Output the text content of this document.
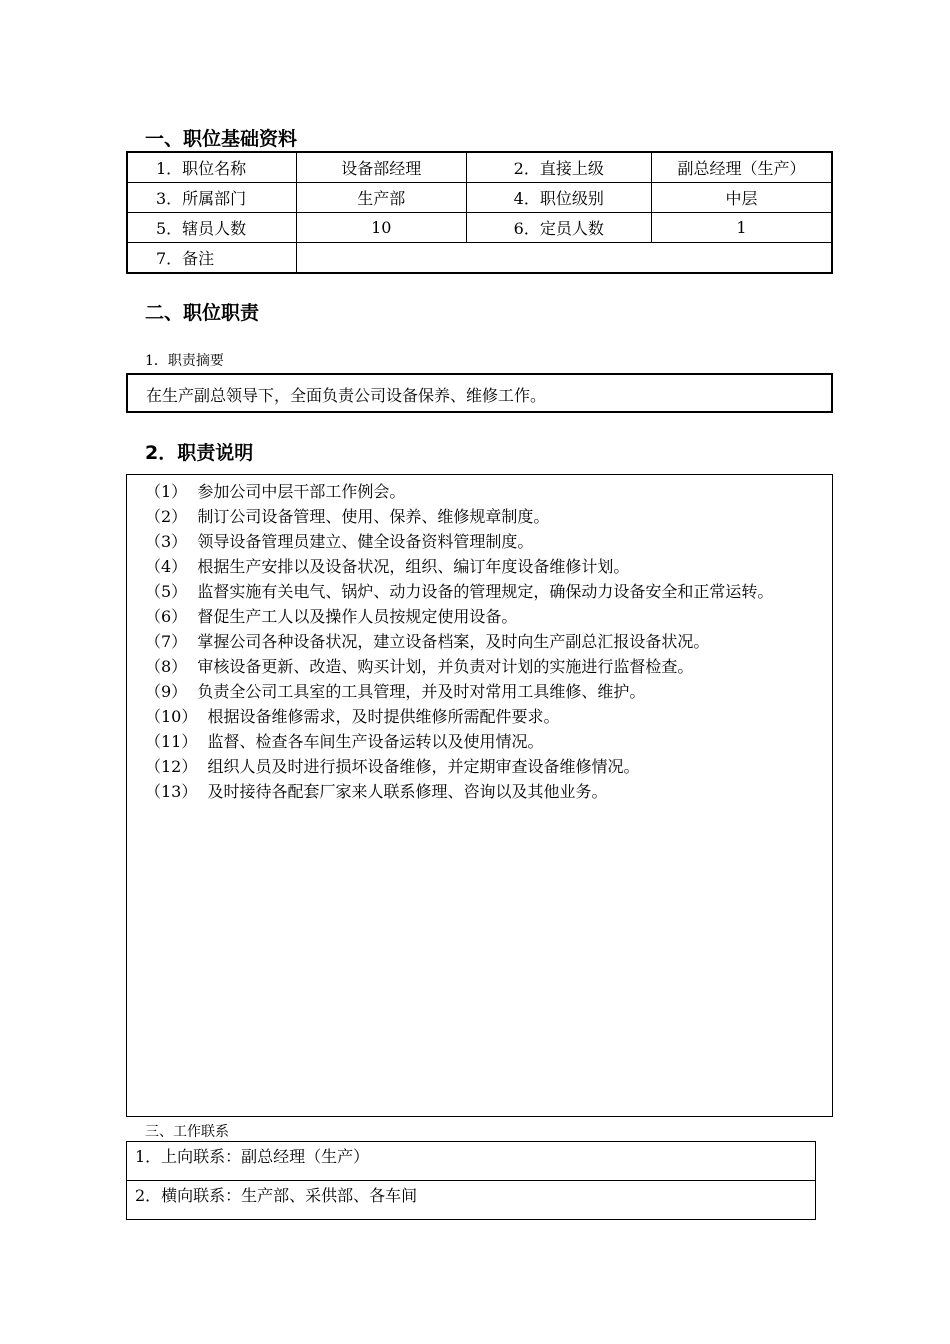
一、职位基础资料
1．职位名称	设备部经理	2．直接上级	副总经理（生产）
3．所属部门	生产部	4．职位级别	中层
5．辖员人数	10	6．定员人数	1
7．备注			
二、职位职责
1．职责摘要
在生产副总领导下，全面负责公司设备保养、维修工作。
2．职责说明
（1） 参加公司中层干部工作例会。
（2） 制订公司设备管理、使用、保养、维修规章制度。
（3） 领导设备管理员建立、健全设备资料管理制度。
（4） 根据生产安排以及设备状况，组织、编订年度设备维修计划。
（5） 监督实施有关电气、锅炉、动力设备的管理规定，确保动力设备安全和正常运转。
（6） 督促生产工人以及操作人员按规定使用设备。
（7） 掌握公司各种设备状况，建立设备档案，及时向生产副总汇报设备状况。
（8） 审核设备更新、改造、购买计划，并负责对计划的实施进行监督检查。
（9） 负责全公司工具室的工具管理，并及时对常用工具维修、维护。
（10） 根据设备维修需求，及时提供维修所需配件要求。
（11） 监督、检查各车间生产设备运转以及使用情况。
（12） 组织人员及时进行损坏设备维修，并定期审查设备维修情况。
（13） 及时接待各配套厂家来人联系修理、咨询以及其他业务。
三、工作联系
1．上向联系：副总经理（生产）
2．横向联系：生产部、采供部、各车间
